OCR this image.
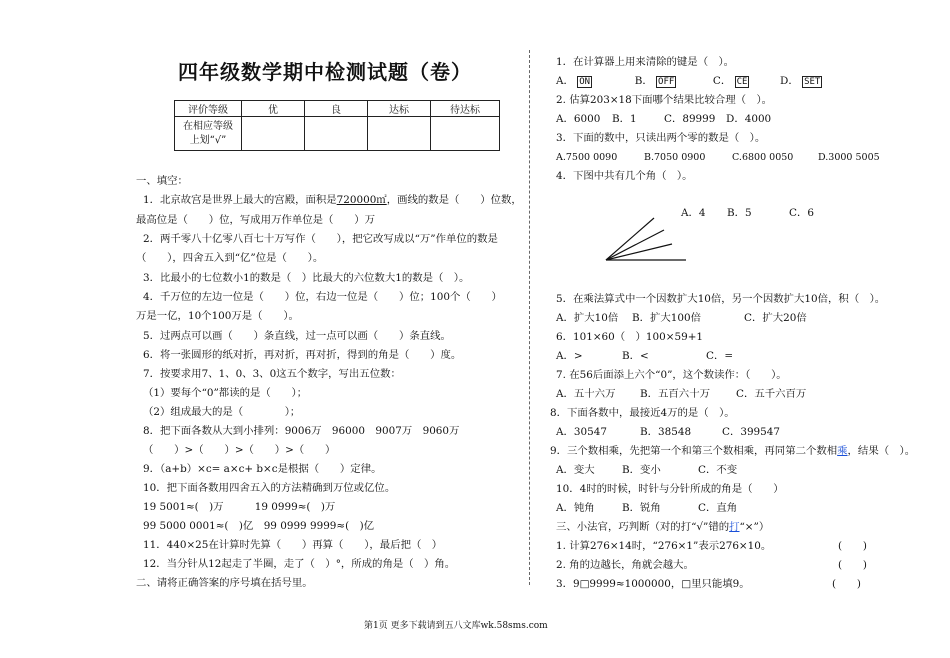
四年级数学期中检测试题（卷）
评价等级	优	良	达标	待达标
在相应等级
上划“√”				
一、填空：
1．北京故宫是世界上最大的宫殿，面积是720000㎡，画线的数是（　　）位数，
最高位是（　　）位，写成用万作单位是（　　）万
2．两千零八十亿零八百七十万写作（　　），把它改写成以“万”作单位的数是
（　　），四舍五入到“亿”位是（　　）。
3．比最小的七位数小1的数是（　）比最大的六位数大1的数是（　）。
4．千万位的左边一位是（　　）位，右边一位是（　　）位；100个（　　）
万是一亿，10个100万是（　　）。
5．过两点可以画（　　）条直线，过一点可以画（　　）条直线。
6．将一张圆形的纸对折，再对折，再对折，得到的角是（　　）度。
7．按要求用7、1、0、3、0这五个数字，写出五位数：
（1）要每个“0”都读的是（　　）；
（2）组成最大的是（　　　　）；
8．把下面各数从大到小排列：9006万　96000　9007万　9060万
（　　）>（　　）>（　　）>（　　）
9．（a+b）×c= a×c+ b×c是根据（　　）定律。
10．把下面各数用四舍五入的方法精确到万位或亿位。
19 5001≈(　)万　　　19 0999≈(　)万
99 5000 0001≈(　)亿　99 0999 9999≈(　)亿
11．440×25在计算时先算（　　）再算（　　），最后把（　）
12．当分针从12起走了半圈，走了（　）°，所成的角是（　）角。
二、请将正确答案的序号填在括号里。
1．在计算器上用来清除的键是（　）。
A． ON	B． OFF	C． CE	D． SET
2. 估算203×18下面哪个结果比较合理（　）。
A．6000 B．1	C．89999 D．4000
3．下面的数中，只读出两个零的数是（　）。
A.7500 0090	B.7050 0900	C.6800 0050	D.3000 5005
4．下图中共有几个角（　）。
A．4 B．5	C．6
5．在乘法算式中一个因数扩大10倍，另一个因数扩大10倍，积（　）。
A．扩大10倍 B．扩大100倍	C．扩大20倍
6．101×60（　）100×59+1
A．>	B．<	C．=
7. 在56后面添上六个“0”，这个数读作：（　　）。
A．五十六万 B．五百六十万	C．五千六百万
8．下面各数中，最接近4万的是（　）。
A．30547	B．38548	C．399547
9．三个数相乘，先把第一个和第三个数相乘，再同第二个数相乘，结果（　）。
A．变大	B．变小	C．不变
10．4时的时候，时针与分针所成的角是（　　）
A．钝角	B．锐角	C．直角
三、小法官，巧判断（对的打“√”错的打“×”）
1. 计算276×14时，“276×1”表示276×10。	(　　)
2. 角的边越长，角就会越大。	(　　)
3．9□9999≈1000000，□里只能填9。	(　　)
第1页 更多下载请到五八文库wk.58sms.com
